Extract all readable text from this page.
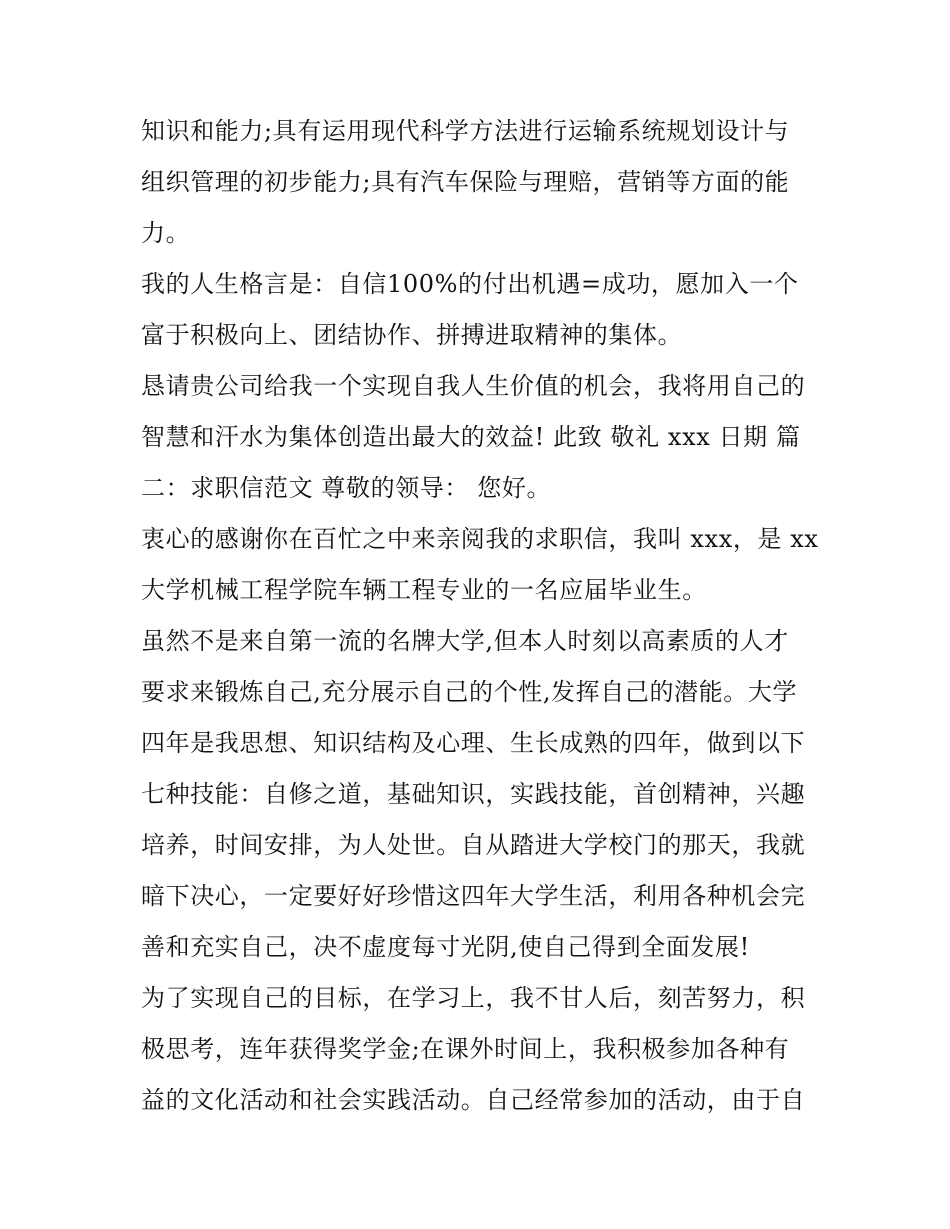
知识和能力;具有运用现代科学方法进行运输系统规划设计与
组织管理的初步能力;具有汽车保险与理赔，营销等方面的能
力。
我的人生格言是：自信100%的付出机遇=成功，愿加入一个
富于积极向上、团结协作、拼搏进取精神的集体。
恳请贵公司给我一个实现自我人生价值的机会，我将用自己的
智慧和汗水为集体创造出最大的效益! 此致 敬礼 xxx 日期 篇
二：求职信范文 尊敬的领导： 您好。
衷心的感谢你在百忙之中来亲阅我的求职信，我叫 xxx，是 xx
大学机械工程学院车辆工程专业的一名应届毕业生。
虽然不是来自第一流的名牌大学,但本人时刻以高素质的人才
要求来锻炼自己,充分展示自己的个性,发挥自己的潜能。大学
四年是我思想、知识结构及心理、生长成熟的四年，做到以下
七种技能：自修之道，基础知识，实践技能，首创精神，兴趣
培养，时间安排，为人处世。自从踏进大学校门的那天，我就
暗下决心，一定要好好珍惜这四年大学生活，利用各种机会完
善和充实自己，决不虚度每寸光阴,使自己得到全面发展!
为了实现自己的目标，在学习上，我不甘人后，刻苦努力，积
极思考，连年获得奖学金;在课外时间上，我积极参加各种有
益的文化活动和社会实践活动。自己经常参加的活动，由于自
